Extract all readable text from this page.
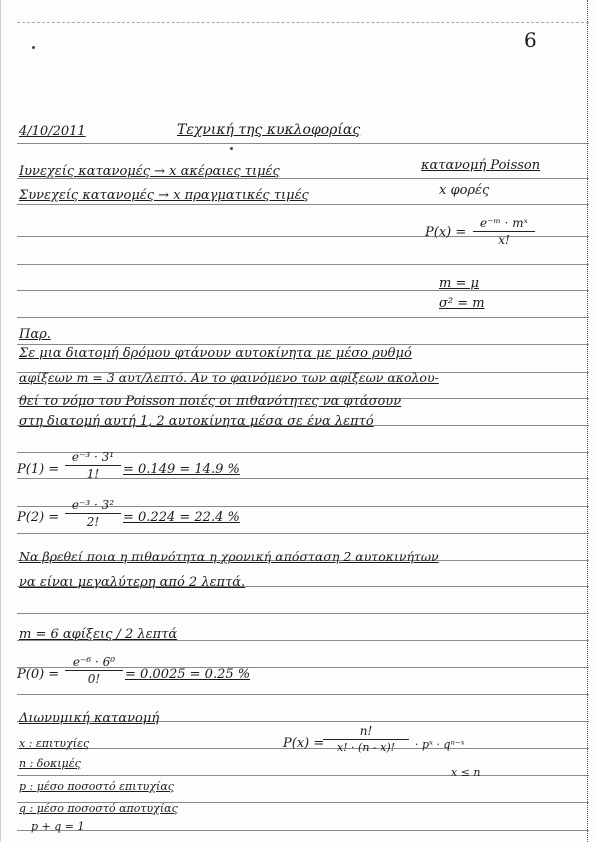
6
4/10/2011	Τεχνική της κυκλοφορίας
Ιυνεχείς κατανομές → x ακέραιες τιμές
Συνεχείς κατανομές → x πραγματικές τιμές
κατανομή Poisson
x φορές
P(x) =
e⁻ᵐ · mˣ
x!
m = μ
σ² = m
Παρ.
Σε μια διατομή δρόμου φτάνουν αυτοκίνητα με μέσο ρυθμό
αφίξεων m = 3 αυτ/λεπτό. Αν το φαινόμενο των αφίξεων ακολου-
θεί το νόμο του Poisson ποιές οι πιθανότητες να φτάσουν
στη διατομή αυτή 1, 2 αυτοκίνητα μέσα σε ένα λεπτό
P(1) =
e⁻³ · 3¹
1!	= 0.149 = 14.9 %
P(2) =
e⁻³ · 3²
2!	= 0.224 = 22.4 %
Να βρεθεί ποια η πιθανότητα η χρονική απόσταση 2 αυτοκινήτων
να είναι μεγαλύτερη από 2 λεπτά.
m = 6 αφίξεις / 2 λεπτά
P(0) =
e⁻⁶ · 6⁰
0!	= 0.0025 = 0.25 %
Διωνυμική κατανομή
x : επιτυχίες
n : δοκιμές
p : μέσο ποσοστό επιτυχίας
q : μέσο ποσοστό αποτυχίας
p + q = 1
P(x) =
n!
x! · (n - x)!	· pˣ · qⁿ⁻ˣ
x ≤ n
